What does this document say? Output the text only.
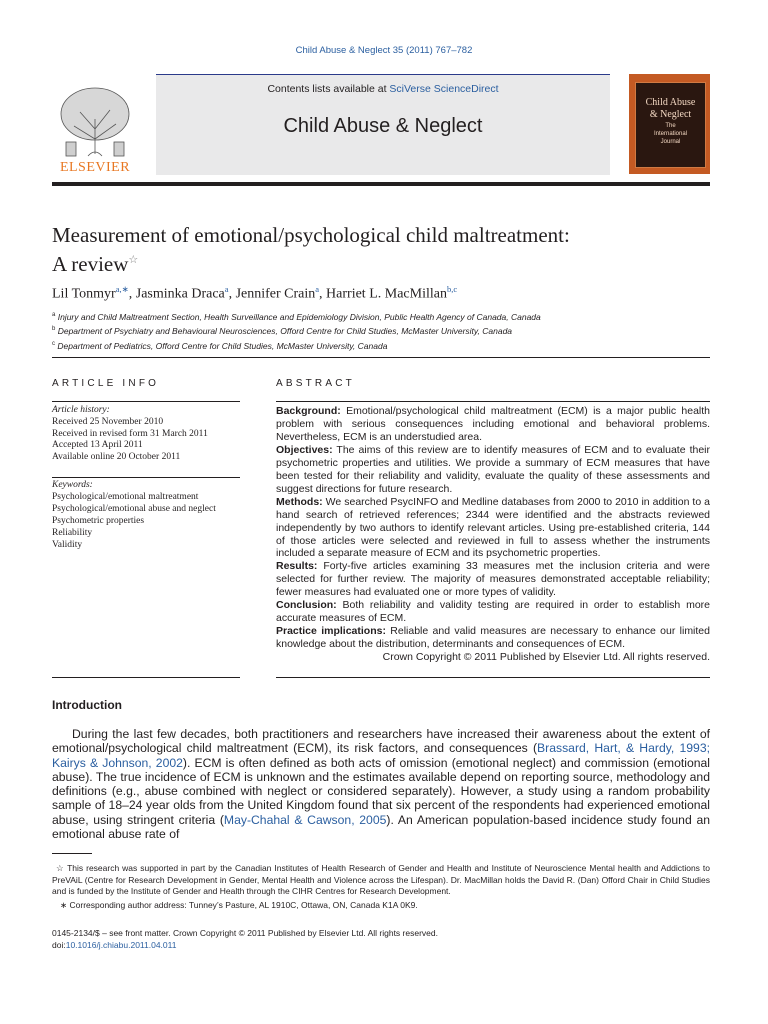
Child Abuse & Neglect 35 (2011) 767–782
ELSEVIER
Contents lists available at SciVerse ScienceDirect
Child Abuse & Neglect
Child Abuse
& Neglect
The
International
Journal
Measurement of emotional/psychological child maltreatment:
A review☆
Lil Tonmyr$^{a,∗}$, Jasminka Draca$^a$, Jennifer Crain$^a$, Harriet L. MacMillan$^{b,c}$
$^a$ Injury and Child Maltreatment Section, Health Surveillance and Epidemiology Division, Public Health Agency of Canada, Canada
$^b$ Department of Psychiatry and Behavioural Neurosciences, Offord Centre for Child Studies, McMaster University, Canada
$^c$ Department of Pediatrics, Offord Centre for Child Studies, McMaster University, Canada
ARTICLE INFO	ABSTRACT
Article history:
Received 25 November 2010
Received in revised form 31 March 2011
Accepted 13 April 2011
Available online 20 October 2011
Keywords:
Psychological/emotional maltreatment
Psychological/emotional abuse and neglect
Psychometric properties
Reliability
Validity

Background: Emotional/psychological child maltreatment (ECM) is a major public health problem with serious consequences including emotional and behavioral problems. Nevertheless, ECM is an understudied area.

Objectives: The aims of this review are to identify measures of ECM and to evaluate their psychometric properties and utilities. We provide a summary of ECM measures that have been tested for their reliability and validity, evaluate the quality of these assessments and suggest directions for future research.

Methods: We searched PsycINFO and Medline databases from 2000 to 2010 in addition to a hand search of retrieved references; 2344 were identified and the abstracts reviewed independently by two authors to identify relevant articles. Using pre-established criteria, 144 of those articles were selected and reviewed in full to assess whether the instruments included a separate measure of ECM and its psychometric properties.

Results: Forty-five articles examining 33 measures met the inclusion criteria and were selected for further review. The majority of measures demonstrated acceptable reliability; fewer measures had evaluated one or more types of validity.

Conclusion: Both reliability and validity testing are required in order to establish more accurate measures of ECM.

Practice implications: Reliable and valid measures are necessary to enhance our limited knowledge about the distribution, determinants and consequences of ECM.

Crown Copyright © 2011 Published by Elsevier Ltd. All rights reserved.

Introduction

During the last few decades, both practitioners and researchers have increased their awareness about the extent of emotional/psychological child maltreatment (ECM), its risk factors, and consequences (Brassard, Hart, & Hardy, 1993; Kairys & Johnson, 2002). ECM is often defined as both acts of omission (emotional neglect) and commission (emotional abuse). The true incidence of ECM is unknown and the estimates available depend on reporting source, methodology and definitions (e.g., abuse combined with neglect or considered separately). However, a study using a random probability sample of 18–24 year olds from the United Kingdom found that six percent of the respondents had experienced emotional abuse, using stringent criteria (May-Chahal & Cawson, 2005). An American population-based incidence study found an emotional abuse rate of

☆ This research was supported in part by the Canadian Institutes of Health Research of Gender and Health and Institute of Neuroscience Mental health and Addictions to PreVAiL (Centre for Research Development in Gender, Mental Health and Violence across the Lifespan). Dr. MacMillan holds the David R. (Dan) Offord Chair in Child Studies and is funded by the Institute of Gender and Health through the CIHR Centres for Research Development.

∗ Corresponding author address: Tunney’s Pasture, AL 1910C, Ottawa, ON, Canada K1A 0K9.

0145-2134/$ – see front matter. Crown Copyright © 2011 Published by Elsevier Ltd. All rights reserved.
doi:10.1016/j.chiabu.2011.04.011
